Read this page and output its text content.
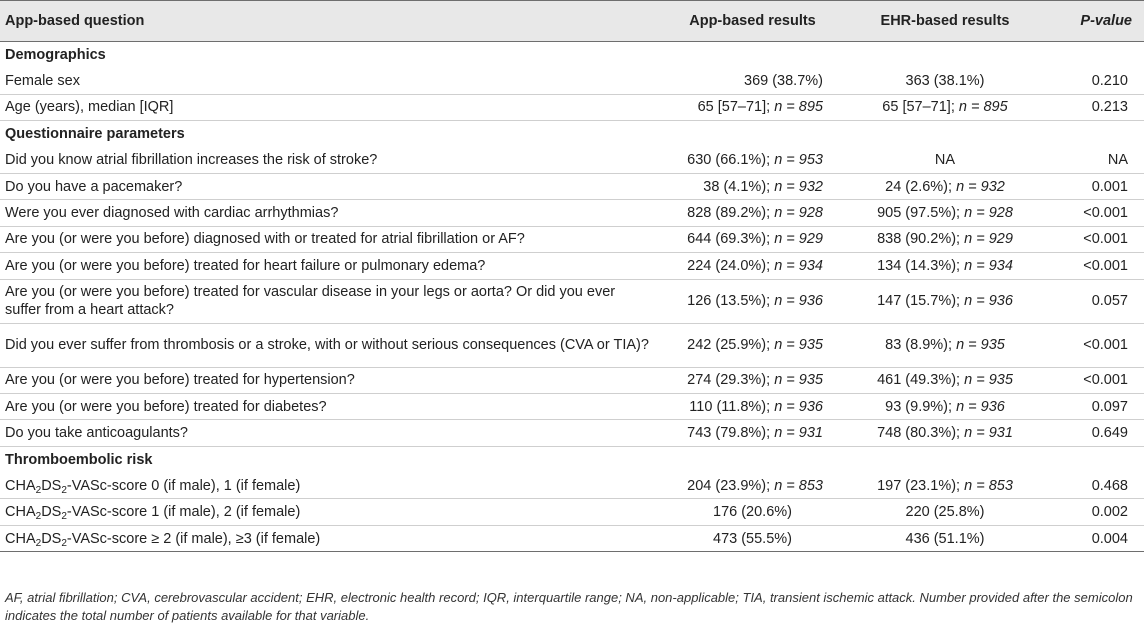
App-based question	App-based results	EHR-based results	P-value
Demographics			
Female sex	369 (38.7%)	363 (38.1%)	0.210
Age (years), median [IQR]	65 [57–71]; n = 895	65 [57–71]; n = 895	0.213
Questionnaire parameters			
Did you know atrial fibrillation increases the risk of stroke?	630 (66.1%); n = 953	NA	NA
Do you have a pacemaker?	38 (4.1%); n = 932	24 (2.6%); n = 932	0.001
Were you ever diagnosed with cardiac arrhythmias?	828 (89.2%); n = 928	905 (97.5%); n = 928	<0.001
Are you (or were you before) diagnosed with or treated for atrial fibrillation or AF?	644 (69.3%); n = 929	838 (90.2%); n = 929	<0.001
Are you (or were you before) treated for heart failure or pulmonary edema?	224 (24.0%); n = 934	134 (14.3%); n = 934	<0.001
Are you (or were you before) treated for vascular disease in your legs or aorta? Or did you ever suffer from a heart attack?	126 (13.5%); n = 936	147 (15.7%); n = 936	0.057
Did you ever suffer from thrombosis or a stroke, with or without serious consequences (CVA or TIA)?	242 (25.9%); n = 935	83 (8.9%); n = 935	<0.001
Are you (or were you before) treated for hypertension?	274 (29.3%); n = 935	461 (49.3%); n = 935	<0.001
Are you (or were you before) treated for diabetes?	110 (11.8%); n = 936	93 (9.9%); n = 936	0.097
Do you take anticoagulants?	743 (79.8%); n = 931	748 (80.3%); n = 931	0.649
Thromboembolic risk			
$CHA_2DS_2-VASc$-score 0 (if male), 1 (if female)	204 (23.9%); n = 853	197 (23.1%); n = 853	0.468
$CHA_2DS_2-VASc$-score 1 (if male), 2 (if female)	176 (20.6%)	220 (25.8%)	0.002
$CHA_2DS_2-VASc$-score ≥ 2 (if male), ≥3 (if female)	473 (55.5%)	436 (51.1%)	0.004
AF, atrial fibrillation; CVA, cerebrovascular accident; EHR, electronic health record; IQR, interquartile range; NA, non-applicable; TIA, transient ischemic attack. Number provided after the semicolon indicates the total number of patients available for that variable.
